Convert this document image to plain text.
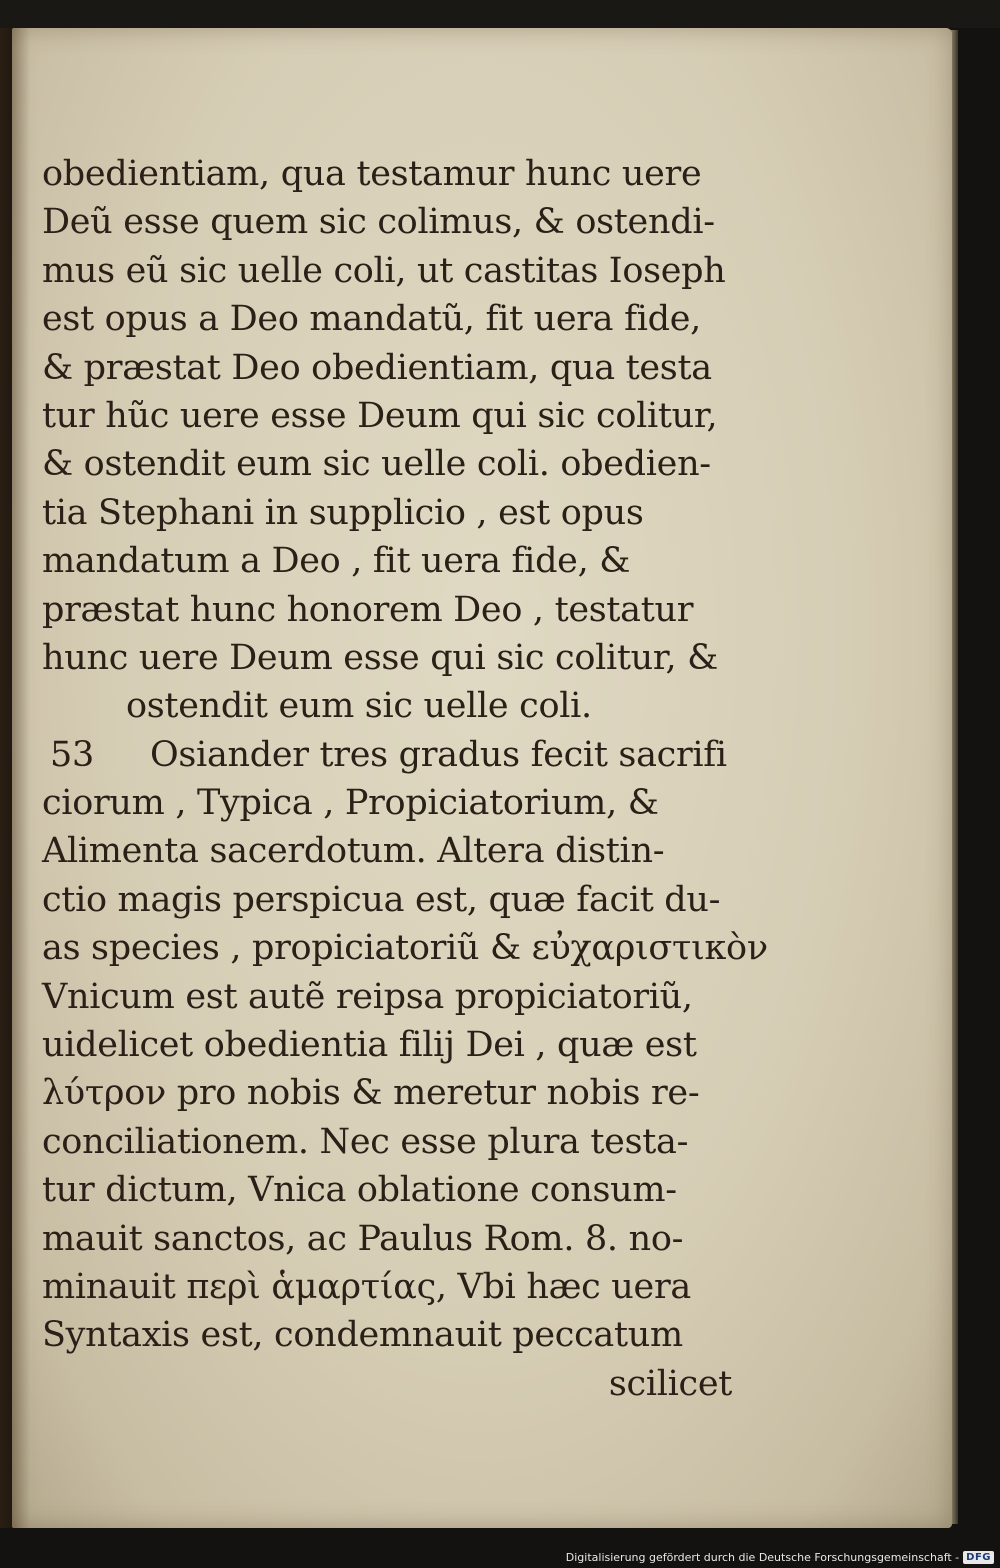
obedientiam, qua testamur hunc uere
Deũ esse quem sic colimus, & ostendi-
mus eũ sic uelle coli, ut castitas Ioseph
est opus a Deo mandatũ, fit uera fide,
& præstat Deo obedientiam, qua testa
tur hũc uere esse Deum qui sic colitur,
& ostendit eum sic uelle coli. obedien-
tia Stephani in supplicio , est opus
mandatum a Deo , fit uera fide, &
præstat hunc honorem Deo , testatur
hunc uere Deum esse qui sic colitur, &
ostendit eum sic uelle coli.
53 Osiander tres gradus fecit sacrifi
ciorum , Typica , Propiciatorium, &
Alimenta sacerdotum. Altera distin-
ctio magis perspicua est, quæ facit du-
as species , propiciatoriũ & εὐχαριστικὸν
Vnicum est autẽ reipsa propiciatoriũ,
uidelicet obedientia filij Dei , quæ est
λύτρον pro nobis & meretur nobis re-
conciliationem. Nec esse plura testa-
tur dictum, Vnica oblatione consum-
mauit sanctos, ac Paulus Rom. 8. no-
minauit περὶ ἁμαρτίας, Vbi hæc uera
Syntaxis est, condemnauit peccatum
scilicet
Digitalisierung gefördert durch die Deutsche Forschungsgemeinschaft - DFG
